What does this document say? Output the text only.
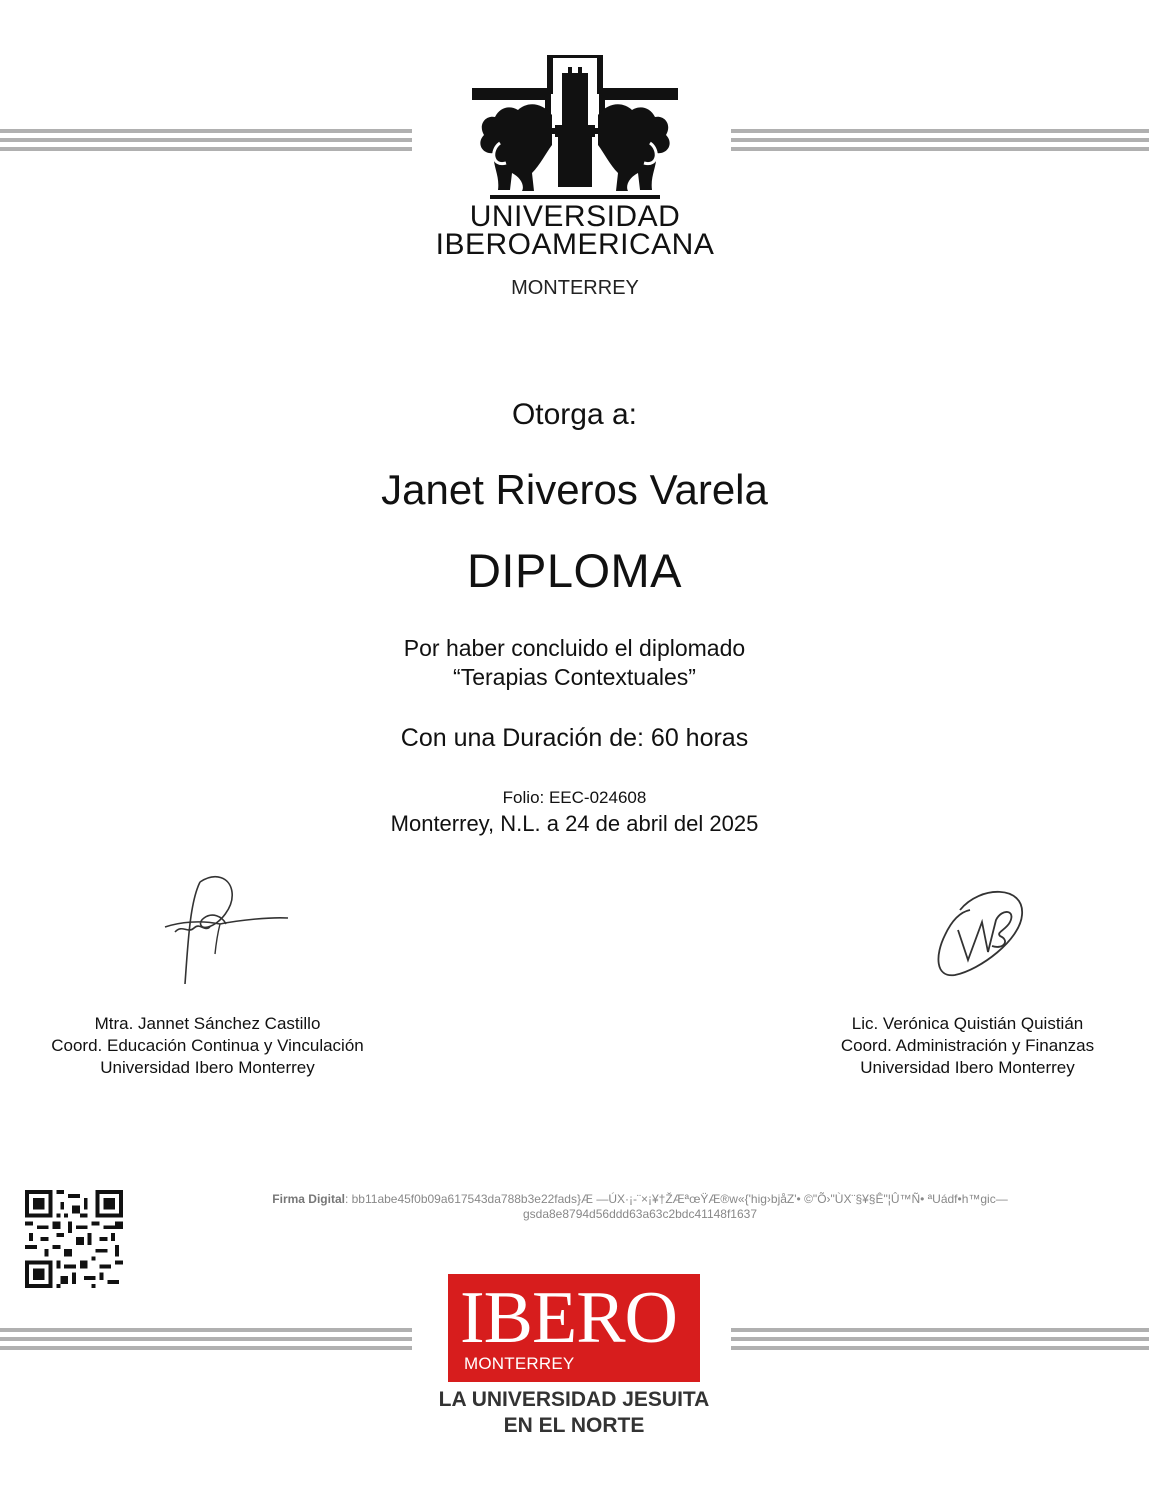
UNIVERSIDAD
IBEROAMERICANA
MONTERREY
Otorga a:
Janet Riveros Varela
DIPLOMA
Por haber concluido el diplomado
“Terapias Contextuales”
Con una Duración de: 60 horas
Folio: EEC-024608
Monterrey, N.L. a 24 de abril del 2025
Mtra. Jannet Sánchez Castillo
Coord. Educación Continua y Vinculación
Universidad Ibero Monterrey
Lic. Verónica Quistián Quistián
Coord. Administración y Finanzas
Universidad Ibero Monterrey
Firma Digital: bb11abe45f0b09a617543da788b3e22fads}Æ —ÚX·¡-¨×¡¥†ŽÆªœŸÆ®w«{'hig›bjåZ'• ©"Õ›"ÙX¨§¥§Ê"¦Û™Ñ• ªUádf•h™gic—
gsda8e8794d56ddd63a63c2bdc41148f1637
IBERO
MONTERREY
LA UNIVERSIDAD JESUITA
EN EL NORTE
